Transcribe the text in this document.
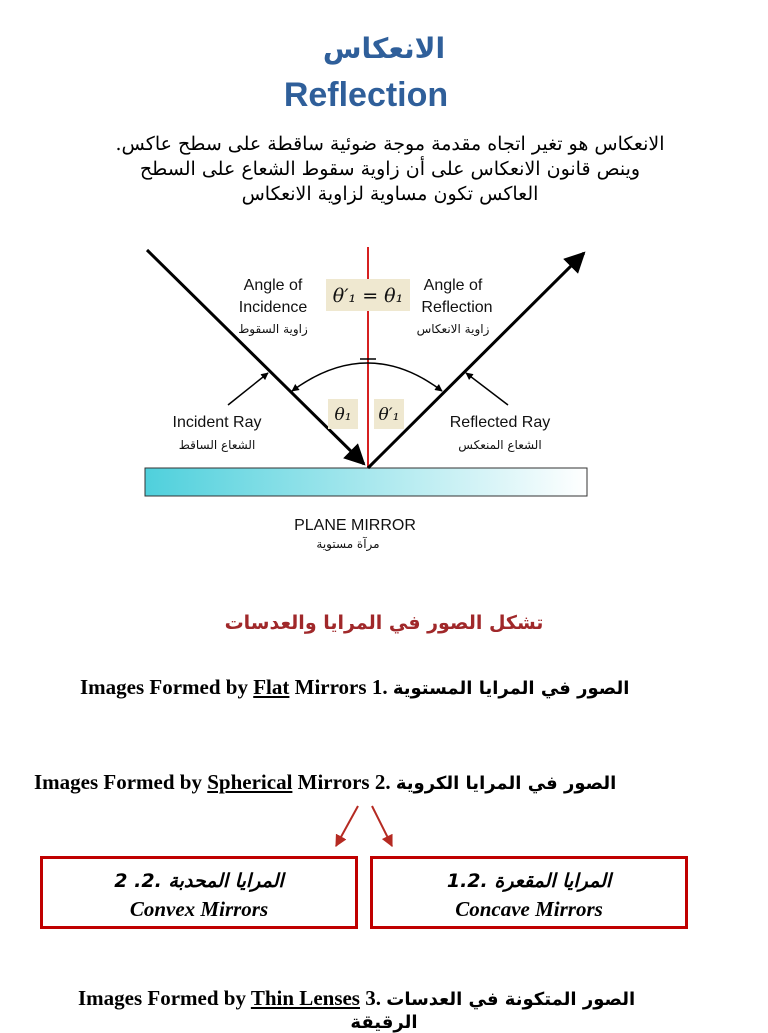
الانعكاس
Reflection
الانعكاس هو تغير اتجاه مقدمة موجة ضوئية ساقطة على سطح عاكس.
وينص قانون الانعكاس على أن زاوية سقوط الشعاع على السطح
العاكس تكون مساوية لزاوية الانعكاس
θ′₁ = θ₁
θ₁ θ′₁
Angle of
Incidence
زاوية السقوط
Angle of
Reflection
زاوية الانعكاس
Incident Ray
الشعاع الساقط
Reflected Ray
الشعاع المنعكس
PLANE MIRROR
مرآة مستوية
تشكل الصور في المرايا والعدسات
Images Formed by Flat Mirrors الصور في المرايا المستوية .1
Images Formed by Spherical Mirrors الصور في المرايا الكروية .2
2 .2. المرايا المحدبة
Convex Mirrors
1.2. المرايا المقعرة
Concave Mirrors
Images Formed by Thin Lenses الصور المتكونة في العدسات .3
الرقيقة
